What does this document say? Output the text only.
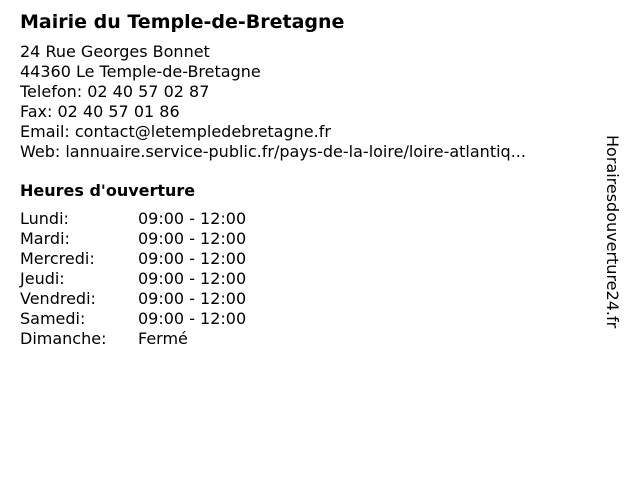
Mairie du Temple-de-Bretagne
24 Rue Georges Bonnet
44360 Le Temple-de-Bretagne
Telefon: 02 40 57 02 87
Fax: 02 40 57 01 86
Email: contact@letempledebretagne.fr
Web: lannuaire.service-public.fr/pays-de-la-loire/loire-atlantiq...
Heures d'ouverture
Lundi:	09:00 - 12:00
Mardi:	09:00 - 12:00
Mercredi:	09:00 - 12:00
Jeudi:	09:00 - 12:00
Vendredi:	09:00 - 12:00
Samedi:	09:00 - 12:00
Dimanche:	Fermé
Horairesdouverture24.fr
